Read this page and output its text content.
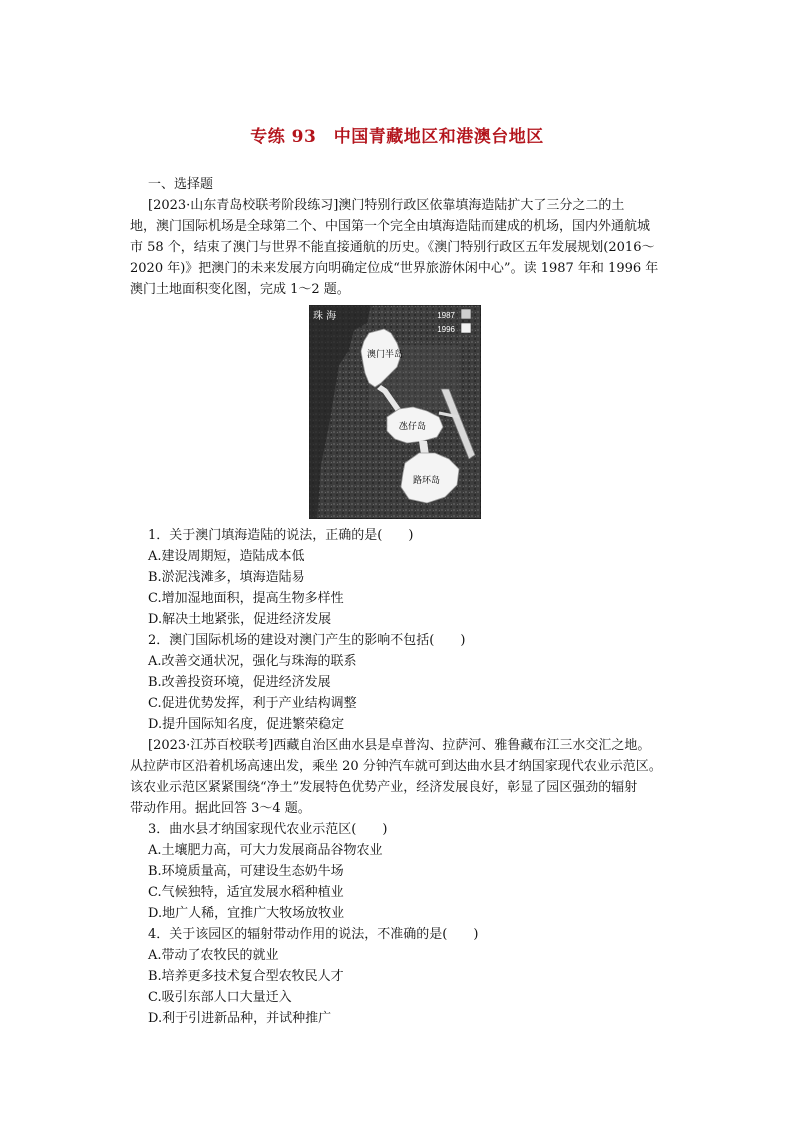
专练 93　中国青藏地区和港澳台地区
一、选择题
[2023·山东青岛校联考阶段练习]澳门特别行政区依靠填海造陆扩大了三分之二的土
地，澳门国际机场是全球第二个、中国第一个完全由填海造陆而建成的机场，国内外通航城
市 58 个，结束了澳门与世界不能直接通航的历史。《澳门特别行政区五年发展规划(2016～
2020 年)》把澳门的未来发展方向明确定位成“世界旅游休闲中心”。读 1987 年和 1996 年
澳门土地面积变化图，完成 1～2 题。
1987
1996
珠 海
澳门半岛
氹仔岛
路环岛
1．关于澳门填海造陆的说法，正确的是(　　)
A.建设周期短，造陆成本低
B.淤泥浅滩多，填海造陆易
C.增加湿地面积，提高生物多样性
D.解决土地紧张，促进经济发展
2．澳门国际机场的建设对澳门产生的影响不包括(　　)
A.改善交通状况，强化与珠海的联系
B.改善投资环境，促进经济发展
C.促进优势发挥，利于产业结构调整
D.提升国际知名度，促进繁荣稳定
[2023·江苏百校联考]西藏自治区曲水县是卓普沟、拉萨河、雅鲁藏布江三水交汇之地。
从拉萨市区沿着机场高速出发，乘坐 20 分钟汽车就可到达曲水县才纳国家现代农业示范区。
该农业示范区紧紧围绕“净土”发展特色优势产业，经济发展良好，彰显了园区强劲的辐射
带动作用。据此回答 3～4 题。
3．曲水县才纳国家现代农业示范区(　　)
A.土壤肥力高，可大力发展商品谷物农业
B.环境质量高，可建设生态奶牛场
C.气候独特，适宜发展水稻种植业
D.地广人稀，宜推广大牧场放牧业
4．关于该园区的辐射带动作用的说法，不准确的是(　　)
A.带动了农牧民的就业
B.培养更多技术复合型农牧民人才
C.吸引东部人口大量迁入
D.利于引进新品种，并试种推广
